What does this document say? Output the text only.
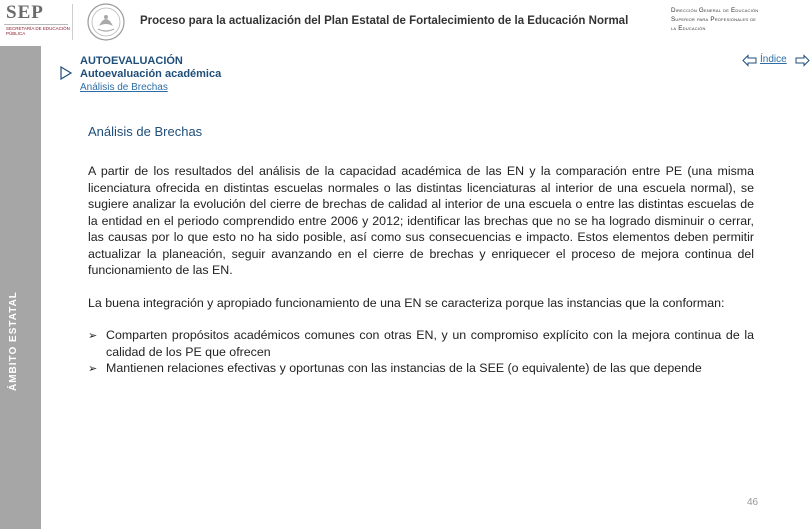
SEP
SECRETARÍA DE EDUCACIÓN PÚBLICA
Proceso para la actualización del Plan Estatal de Fortalecimiento de la Educación Normal
Dirección General de Educación
Superior para Profesionales de
la Educación
ÁMBITO ESTATAL
AUTOEVALUACIÓN
Autoevaluación académica
Análisis de Brechas
Índice
Análisis de Brechas

A partir de los resultados del análisis de la capacidad académica de las EN y la comparación entre PE (una misma licenciatura ofrecida en distintas escuelas normales o las distintas licenciaturas al interior de una escuela normal), se sugiere analizar la evolución del cierre de brechas de calidad al interior de una escuela o entre las distintas escuelas de la entidad en el periodo comprendido entre 2006 y 2012; identificar las brechas que no se ha logrado disminuir o cerrar, las causas por lo que esto no ha sido posible, así como sus consecuencias e impacto. Estos elementos deben permitir actualizar la planeación, seguir avanzando en el cierre de brechas y enriquecer el proceso de mejora continua del funcionamiento de las EN.

La buena integración y apropiado funcionamiento de una EN se caracteriza porque las instancias que la conforman:

➢ Comparten propósitos académicos comunes con otras EN, y un compromiso explícito con la mejora continua de la calidad de los PE que ofrecen
➢ Mantienen relaciones efectivas y oportunas con las instancias de la SEE (o equivalente) de las que depende
46
